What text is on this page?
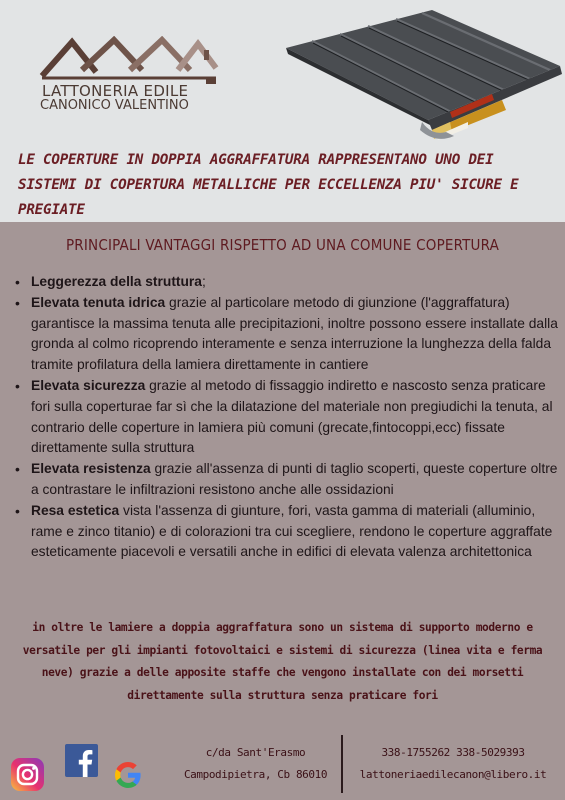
LATTONERIA EDILE
CANONICO VALENTINO
LE COPERTURE IN DOPPIA AGGRAFFATURA RAPPRESENTANO UNO DEI SISTEMI DI COPERTURA METALLICHE PER ECCELLENZA PIU' SICURE E PREGIATE
PRINCIPALI VANTAGGI RISPETTO AD UNA COMUNE COPERTURA
• Leggerezza della struttura;
• Elevata tenuta idrica grazie al particolare metodo di giunzione (l'aggraffatura) garantisce la massima tenuta alle precipitazioni, inoltre possono essere installate dalla gronda al colmo ricoprendo interamente e senza interruzione la lunghezza della falda tramite profilatura della lamiera direttamente in cantiere
• Elevata sicurezza grazie al metodo di fissaggio indiretto e nascosto senza praticare fori sulla coperturae far sì che la dilatazione del materiale non pregiudichi la tenuta, al contrario delle coperture in lamiera più comuni (grecate,fintocoppi,ecc) fissate direttamente sulla struttura
• Elevata resistenza grazie all'assenza di punti di taglio scoperti, queste coperture oltre a contrastare le infiltrazioni resistono anche alle ossidazioni
• Resa estetica vista l'assenza di giunture, fori, vasta gamma di materiali (alluminio, rame e zinco titanio) e di colorazioni tra cui scegliere, rendono le coperture aggraffate esteticamente piacevoli e versatili anche in edifici di elevata valenza architettonica
in oltre le lamiere a doppia aggraffatura sono un sistema di supporto moderno e versatile per gli impianti fotovoltaici e sistemi di sicurezza (linea vita e ferma neve) grazie a delle apposite staffe che vengono installate con dei morsetti direttamente sulla struttura senza praticare fori
c/da Sant'Erasmo
Campodipietra, Cb 86010
338-1755262 338-5029393
lattoneriaedilecanon@libero.it
